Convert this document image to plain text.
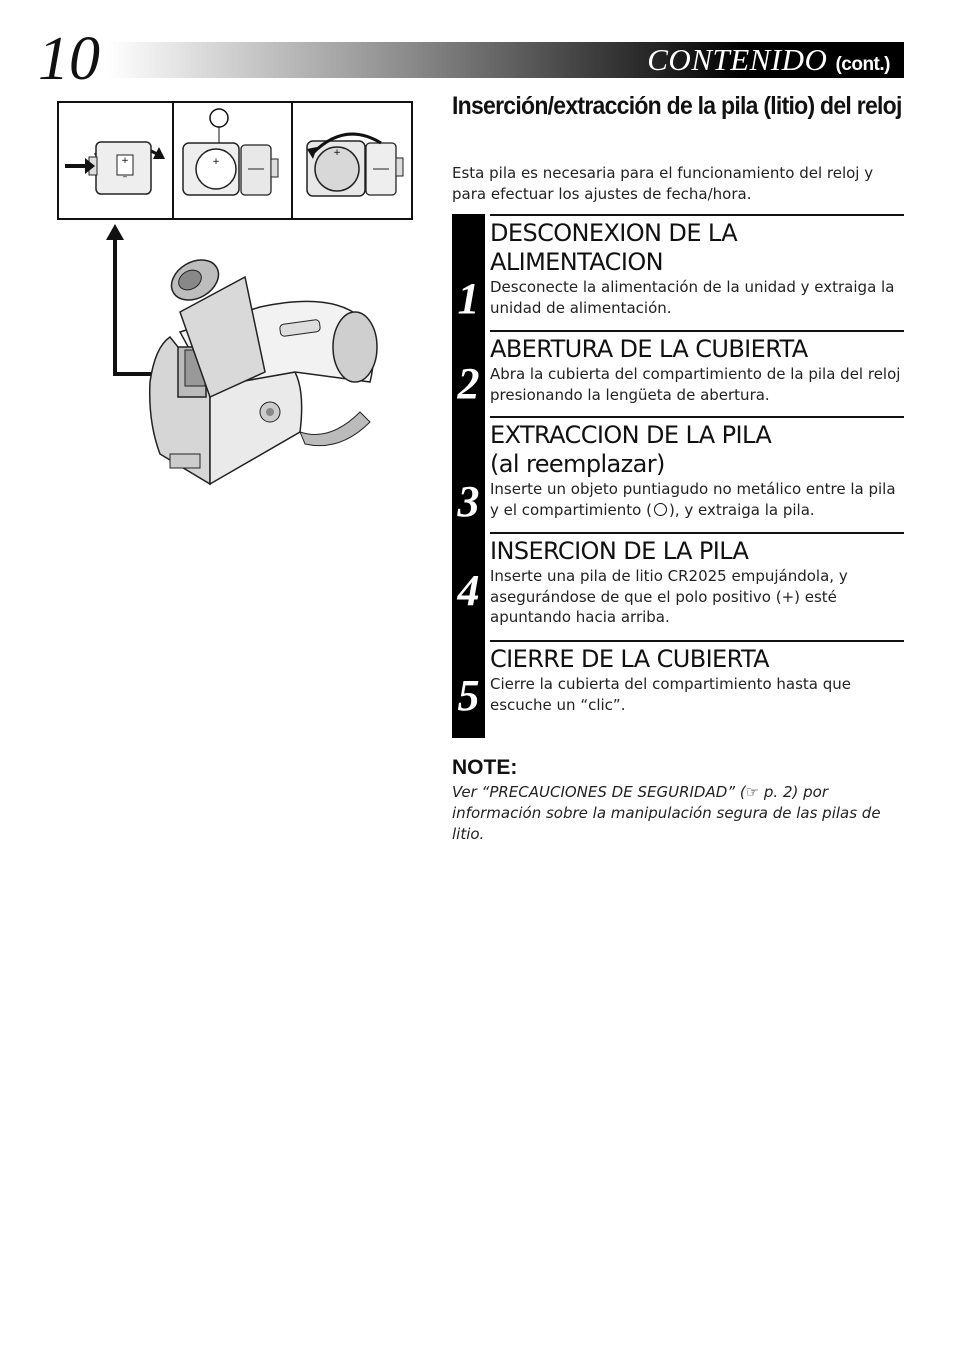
10	CONTENIDO (cont.)
+
–
+
+
Inserción/extracción de la pila (litio) del reloj
Esta pila es necesaria para el funcionamiento del reloj y para efectuar los ajustes de fecha/hora.
1
DESCONEXION DE LA ALIMENTACION
Desconecte la alimentación de la unidad y extraiga la unidad de alimentación.
2
ABERTURA DE LA CUBIERTA
Abra la cubierta del compartimiento de la pila del reloj presionando la lengüeta de abertura.
3
EXTRACCION DE LA PILA
(al reemplazar)
Inserte un objeto puntiagudo no metálico entre la pila y el compartimiento ( ), y extraiga la pila.
4
INSERCION DE LA PILA
Inserte una pila de litio CR2025 empujándola, y asegurándose de que el polo positivo (+) esté apuntando hacia arriba.
5
CIERRE DE LA CUBIERTA
Cierre la cubierta del compartimiento hasta que escuche un “clic”.
NOTE:
Ver “PRECAUCIONES DE SEGURIDAD” (☞ p. 2) por información sobre la manipulación segura de las pilas de litio.
